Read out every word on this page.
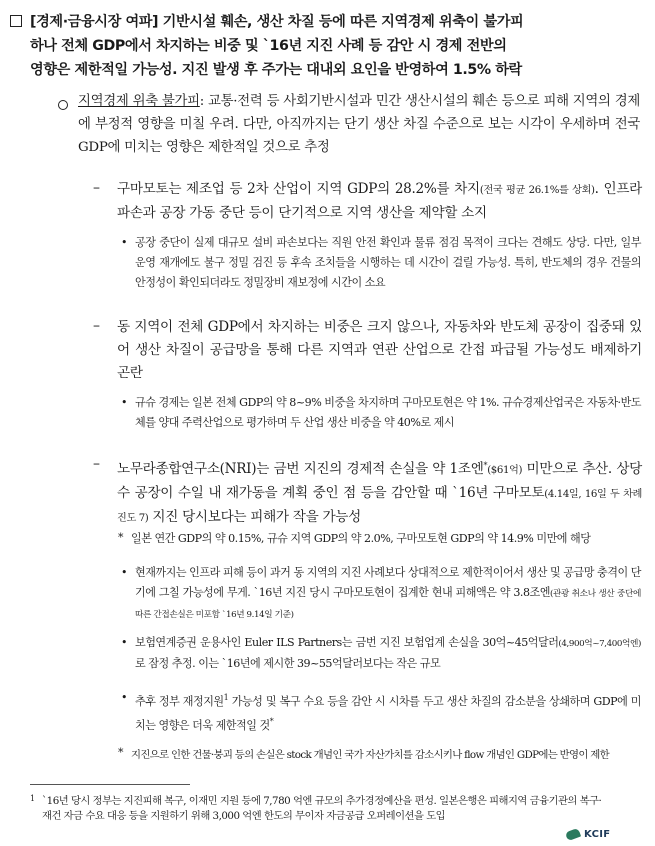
[경제·금융시장 여파] 기반시설 훼손, 생산 차질 등에 따른 지역경제 위축이 불가피
하나 전체 GDP에서 차지하는 비중 및 `16년 지진 사례 등 감안 시 경제 전반의
영향은 제한적일 가능성. 지진 발생 후 주가는 대내외 요인을 반영하여 1.5% 하락
지역경제 위축 불가피: 교통·전력 등 사회기반시설과 민간 생산시설의 훼손 등으로 피해 지역의 경제에 부정적 영향을 미칠 우려. 다만, 아직까지는 단기 생산 차질 수준으로 보는 시각이 우세하며 전국 GDP에 미치는 영향은 제한적일 것으로 추정
– 구마모토는 제조업 등 2차 산업이 지역 GDP의 28.2%를 차지(전국 평균 26.1%를 상회). 인프라 파손과 공장 가동 중단 등이 단기적으로 지역 생산을 제약할 소지
• 공장 중단이 실제 대규모 설비 파손보다는 직원 안전 확인과 물류 점검 목적이 크다는 견해도 상당. 다만, 일부 운영 재개에도 불구 정밀 검진 등 후속 조치들을 시행하는 데 시간이 걸릴 가능성. 특히, 반도체의 경우 건물의 안정성이 확인되더라도 정밀장비 재보정에 시간이 소요
– 동 지역이 전체 GDP에서 차지하는 비중은 크지 않으나, 자동차와 반도체 공장이 집중돼 있어 생산 차질이 공급망을 통해 다른 지역과 연관 산업으로 간접 파급될 가능성도 배제하기 곤란
• 규슈 경제는 일본 전체 GDP의 약 8~9% 비중을 차지하며 구마모토현은 약 1%. 규슈경제산업국은 자동차·반도체를 양대 주력산업으로 평가하며 두 산업 생산 비중을 약 40%로 제시
– 노무라종합연구소(NRI)는 금번 지진의 경제적 손실을 약 1조엔*($61억) 미만으로 추산. 상당수 공장이 수일 내 재가동을 계획 중인 점 등을 감안할 때 `16년 구마모토(4.14일, 16일 두 차례 진도 7) 지진 당시보다는 피해가 작을 가능성
* 일본 연간 GDP의 약 0.15%, 규슈 지역 GDP의 약 2.0%, 구마모토현 GDP의 약 14.9% 미만에 해당
• 현재까지는 인프라 피해 등이 과거 동 지역의 지진 사례보다 상대적으로 제한적이어서 생산 및 공급망 충격이 단기에 그칠 가능성에 무게. `16년 지진 당시 구마모토현이 집계한 현내 피해액은 약 3.8조엔(관광 취소나 생산 중단에 따른 간접손실은 미포함 `16년 9.14일 기준)
• 보험연계증권 운용사인 Euler ILS Partners는 금번 지진 보험업계 손실을 30억~45억달러(4,900억~7,400억엔)로 잠정 추정. 이는 `16년에 제시한 39~55억달러보다는 작은 규모
• 추후 정부 재정지원$^1$ 가능성 및 복구 수요 등을 감안 시 시차를 두고 생산 차질의 감소분을 상쇄하며 GDP에 미치는 영향은 더욱 제한적일 것*
* 지진으로 인한 건물·붕괴 등의 손실은 stock 개념인 국가 자산가치를 감소시키나 flow 개념인 GDP에는 반영이 제한
1 `16년 당시 정부는 지진피해 복구, 이재민 지원 등에 7,780 억엔 규모의 추가경정예산을 편성. 일본은행은 피해지역 금융기관의 복구·재건 자금 수요 대응 등을 지원하기 위해 3,000 억엔 한도의 무이자 자금공급 오퍼레이션을 도입
KCIF
